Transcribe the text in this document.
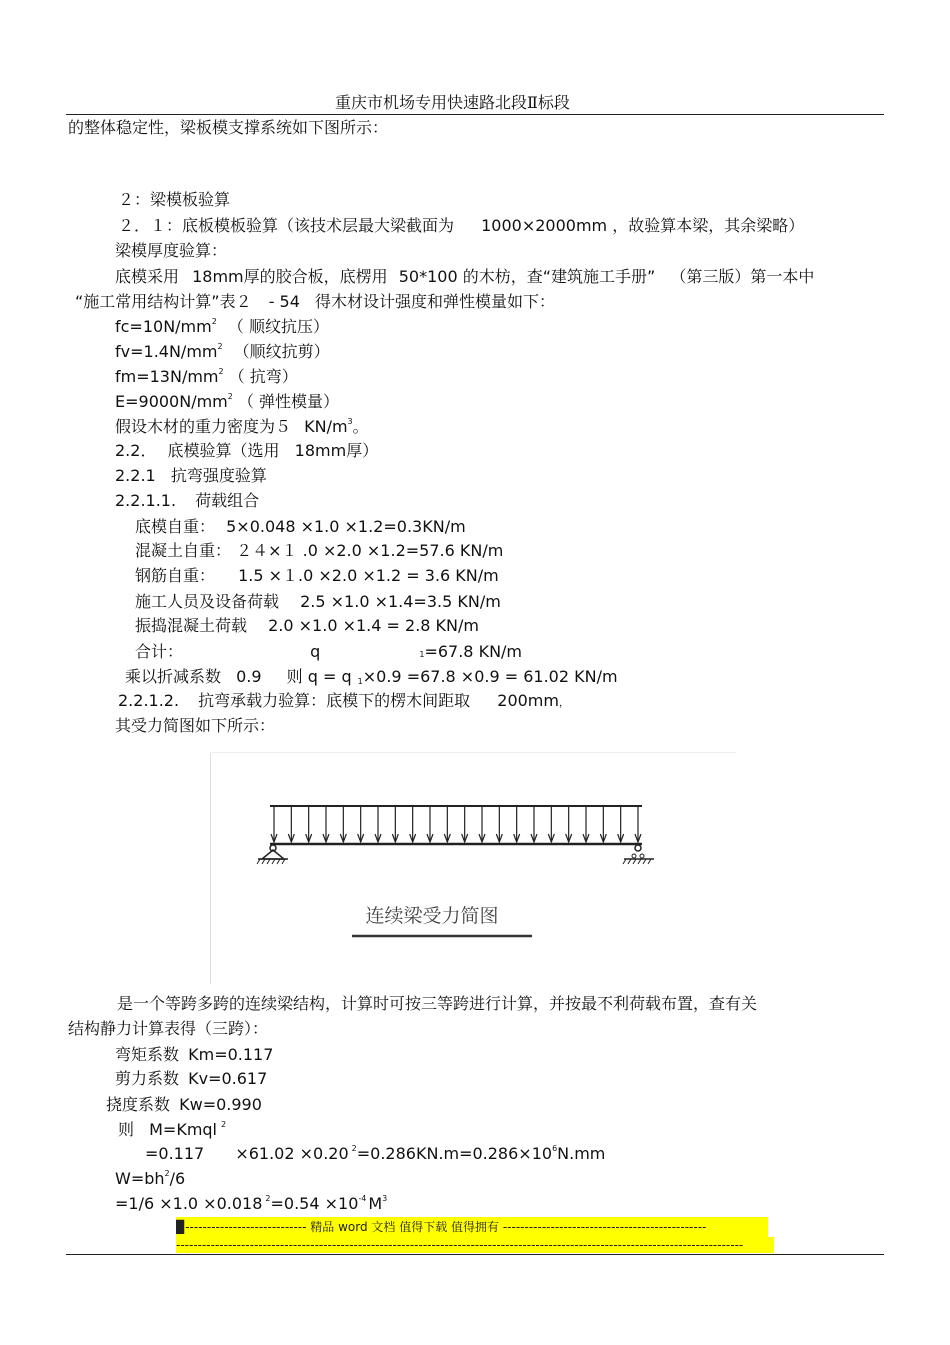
重庆市机场专用快速路北段Ⅱ标段
的整体稳定性，梁板模支撑系统如下图所示：
２：梁模板验算
２．１：底板模板验算（该技术层最大梁截面为 1000×2000mm ，故验算本梁，其余梁略）
梁模厚度验算：
底模采用 18mm厚的胶合板，底楞用 50*100 的木枋，查“建筑施工手册” （第三版）第一本中
“施工常用结构计算”表２ - 54 得木材设计强度和弹性模量如下：
$fc=10N/mm^2$ （ 顺纹抗压）
$fv=1.4N/mm^2$ （顺纹抗剪）
$fm=13N/mm^2$ （ 抗弯）
$E=9000N/mm^2$ （ 弹性模量）
假设木材的重力密度为５ $KN/m^3$。
2.2． 底模验算（选用 18mm厚）
2.2.1 抗弯强度验算
2.2.1.1. 荷载组合
底模自重： 5×0.048 ×1.0 ×1.2=0.3KN/m
混凝土自重： ２４×１ .0 ×2.0 ×1.2=57.6 KN/m
钢筋自重： 1.5 ×１.0 ×2.0 ×1.2 = 3.6 KN/m
施工人员及设备荷载 2.5 ×1.0 ×1.4=3.5 KN/m
振捣混凝土荷载 2.0 ×1.0 ×1.4 = 2.8 KN/m
合计：	q	1=67.8 KN/m
乘以折减系数 0.9 则 q = q $_1$×0.9 =67.8 ×0.9 = 61.02 KN/m
2.2.1.2. 抗弯承载力验算：底模下的楞木间距取 200mm，
其受力简图如下所示：
连续梁受力简图
是一个等跨多跨的连续梁结构，计算时可按三等跨进行计算，并按最不利荷载布置，查有关
结构静力计算表得（三跨）：
弯矩系数 Km=0.117
剪力系数 Kv=0.617
挠度系数 Kw=0.990
则 M=Kmql $^2$
=0.117 ×61.02 ×0.20 $^2=0.286KN.m=0.286\times 10^6N.mm$
$W=bh^2/6$
=1/6 ×1.0 ×0.018 $^2=0.54 \times 10^{-4}$ $M^3$
▉---------------------------- 精品 word 文档 值得下载 值得拥有 -----------------------------------------------
-----------------------------------------------------------------------------------------------------------------------------------
